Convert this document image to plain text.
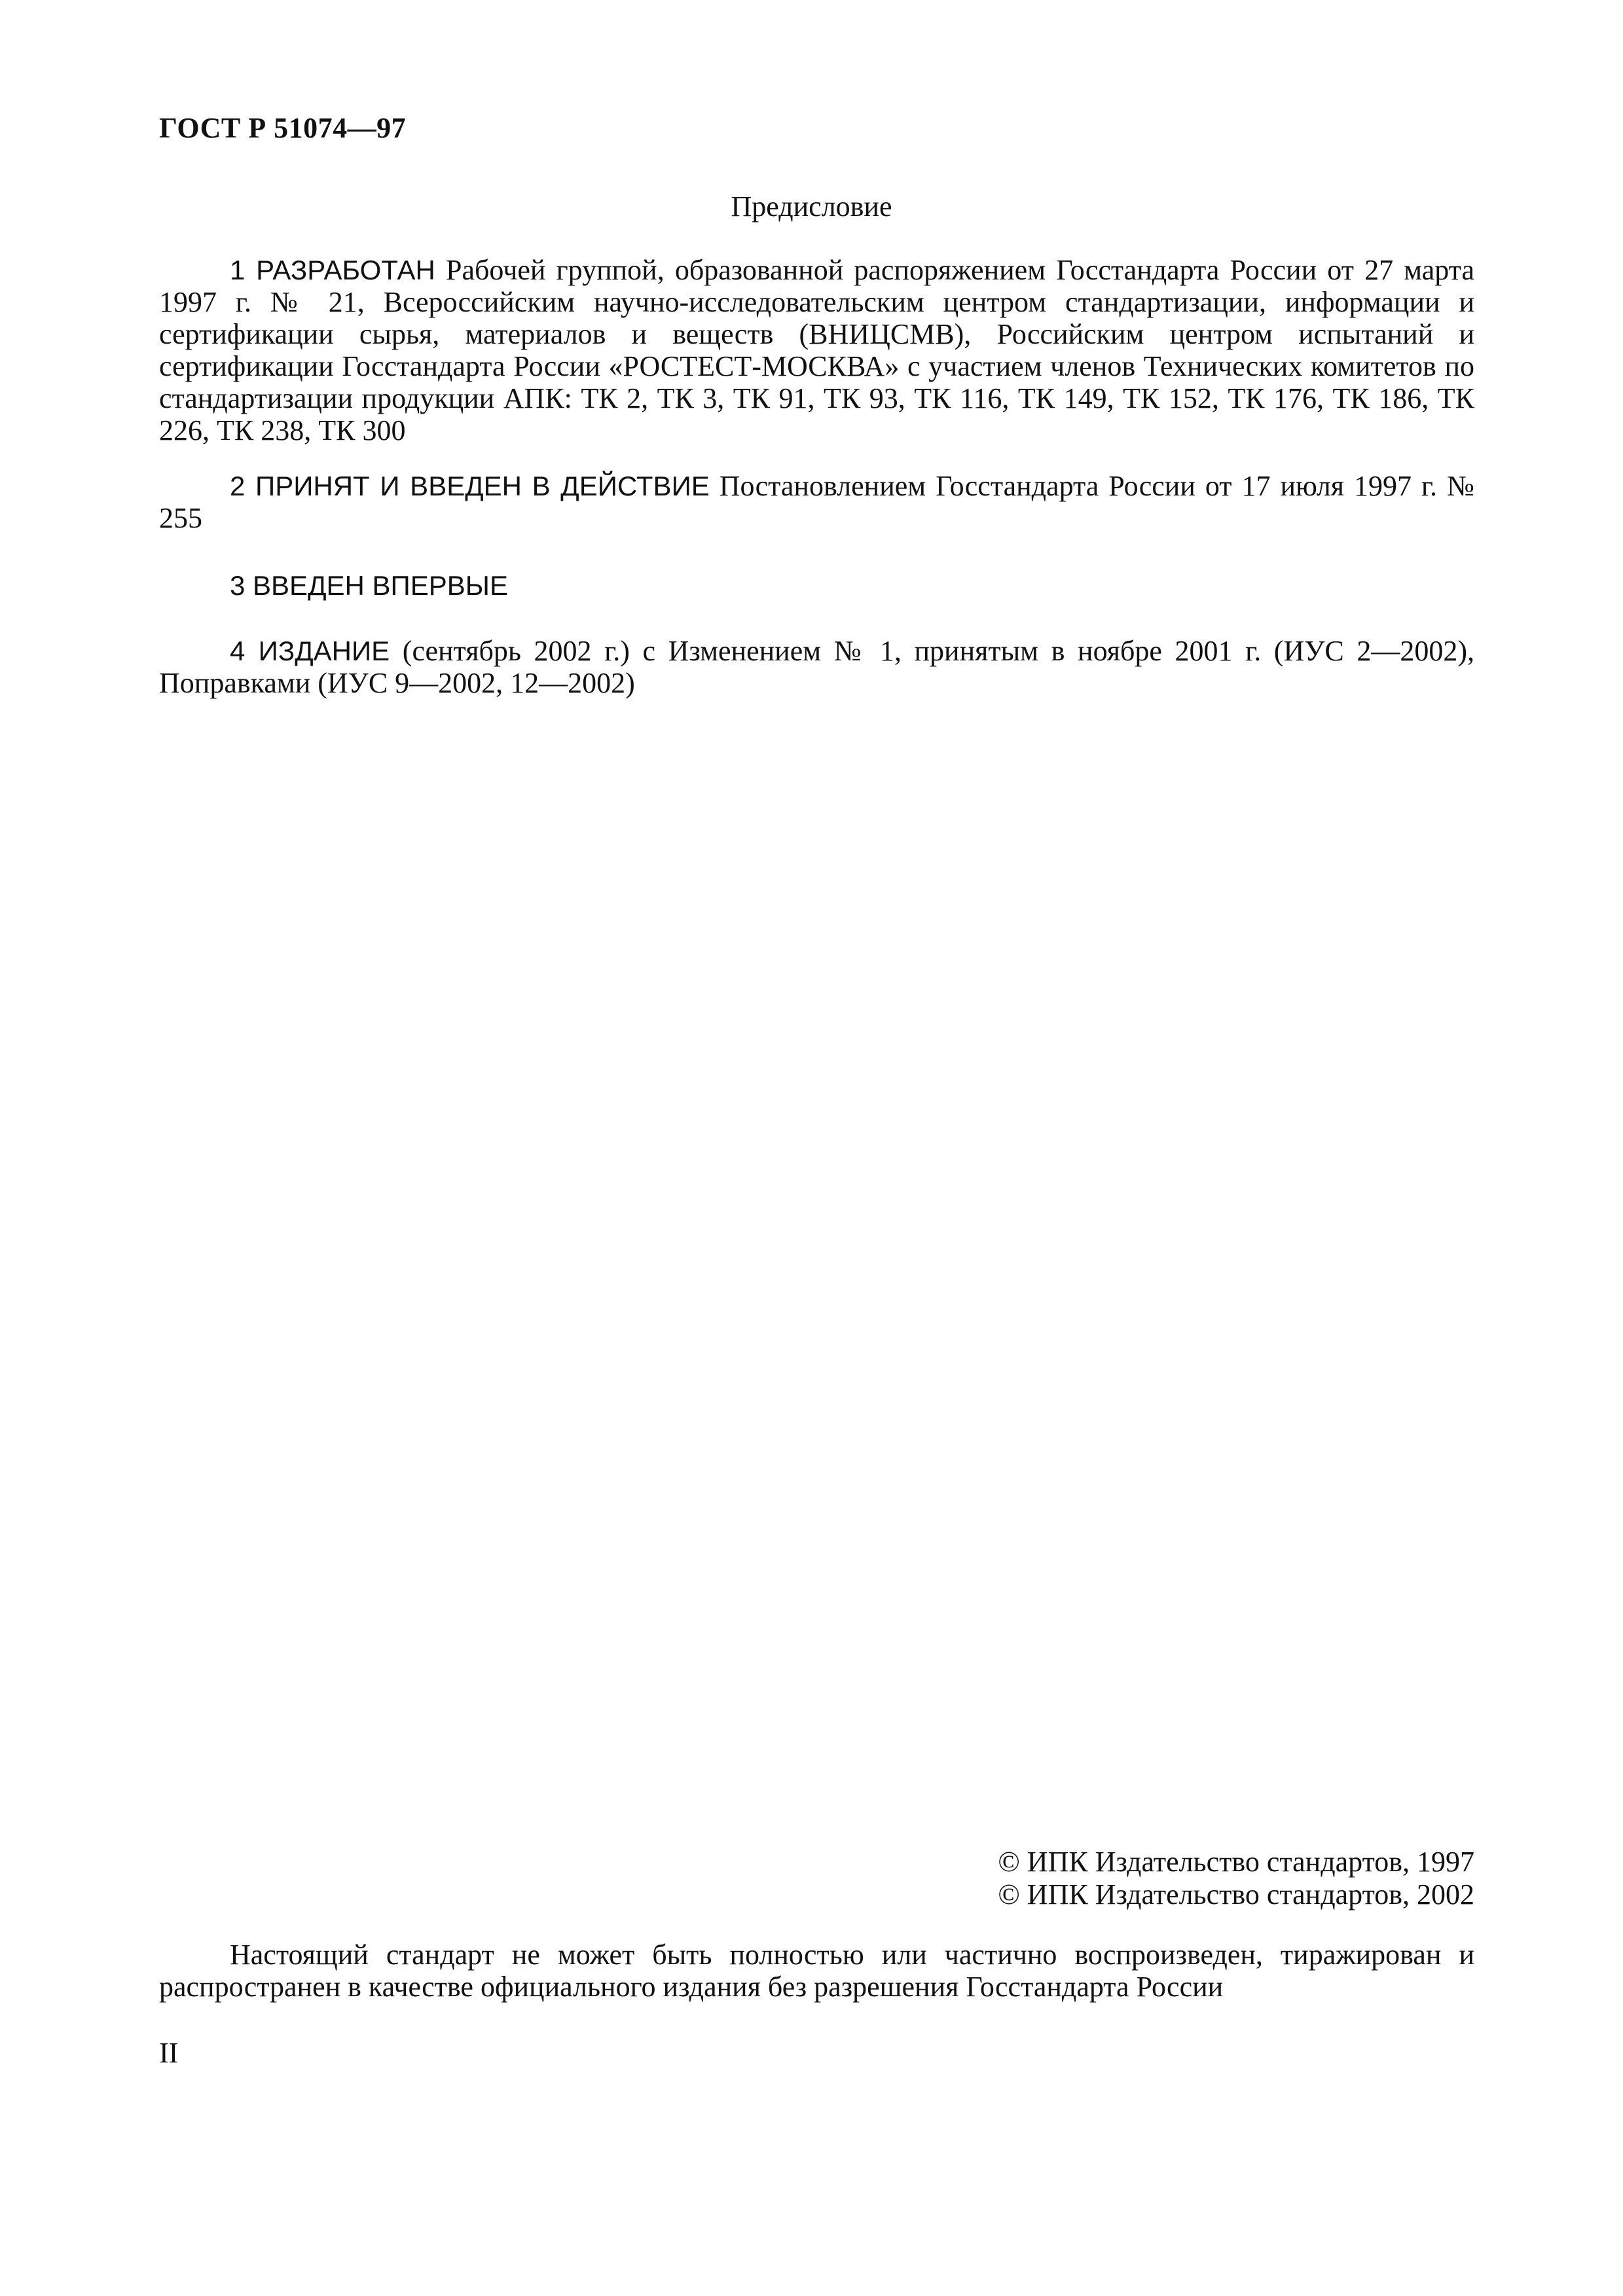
ГОСТ Р 51074—97
Предисловие

1 РАЗРАБОТАН Рабочей группой, образованной распоряжением Госстандарта России от 27 марта 1997 г. № 21, Всероссийским научно-исследовательским центром стандартизации, информации и сертификации сырья, материалов и веществ (ВНИЦСМВ), Российским центром испытаний и сертификации Госстандарта России «РОСТЕСТ-МОСКВА» с участием членов Технических комитетов по стандартизации продукции АПК: ТК 2, ТК 3, ТК 91, ТК 93, ТК 116, ТК 149, ТК 152, ТК 176, ТК 186, ТК 226, ТК 238, ТК 300

2 ПРИНЯТ И ВВЕДЕН В ДЕЙСТВИЕ Постановлением Госстандарта России от 17 июля 1997 г. № 255

3 ВВЕДЕН ВПЕРВЫЕ

4 ИЗДАНИЕ (сентябрь 2002 г.) с Изменением № 1, принятым в ноябре 2001 г. (ИУС 2—2002), Поправками (ИУС 9—2002, 12—2002)

© ИПК Издательство стандартов, 1997
© ИПК Издательство стандартов, 2002

Настоящий стандарт не может быть полностью или частично воспроизведен, тиражирован и распространен в качестве официального издания без разрешения Госстандарта России

II
